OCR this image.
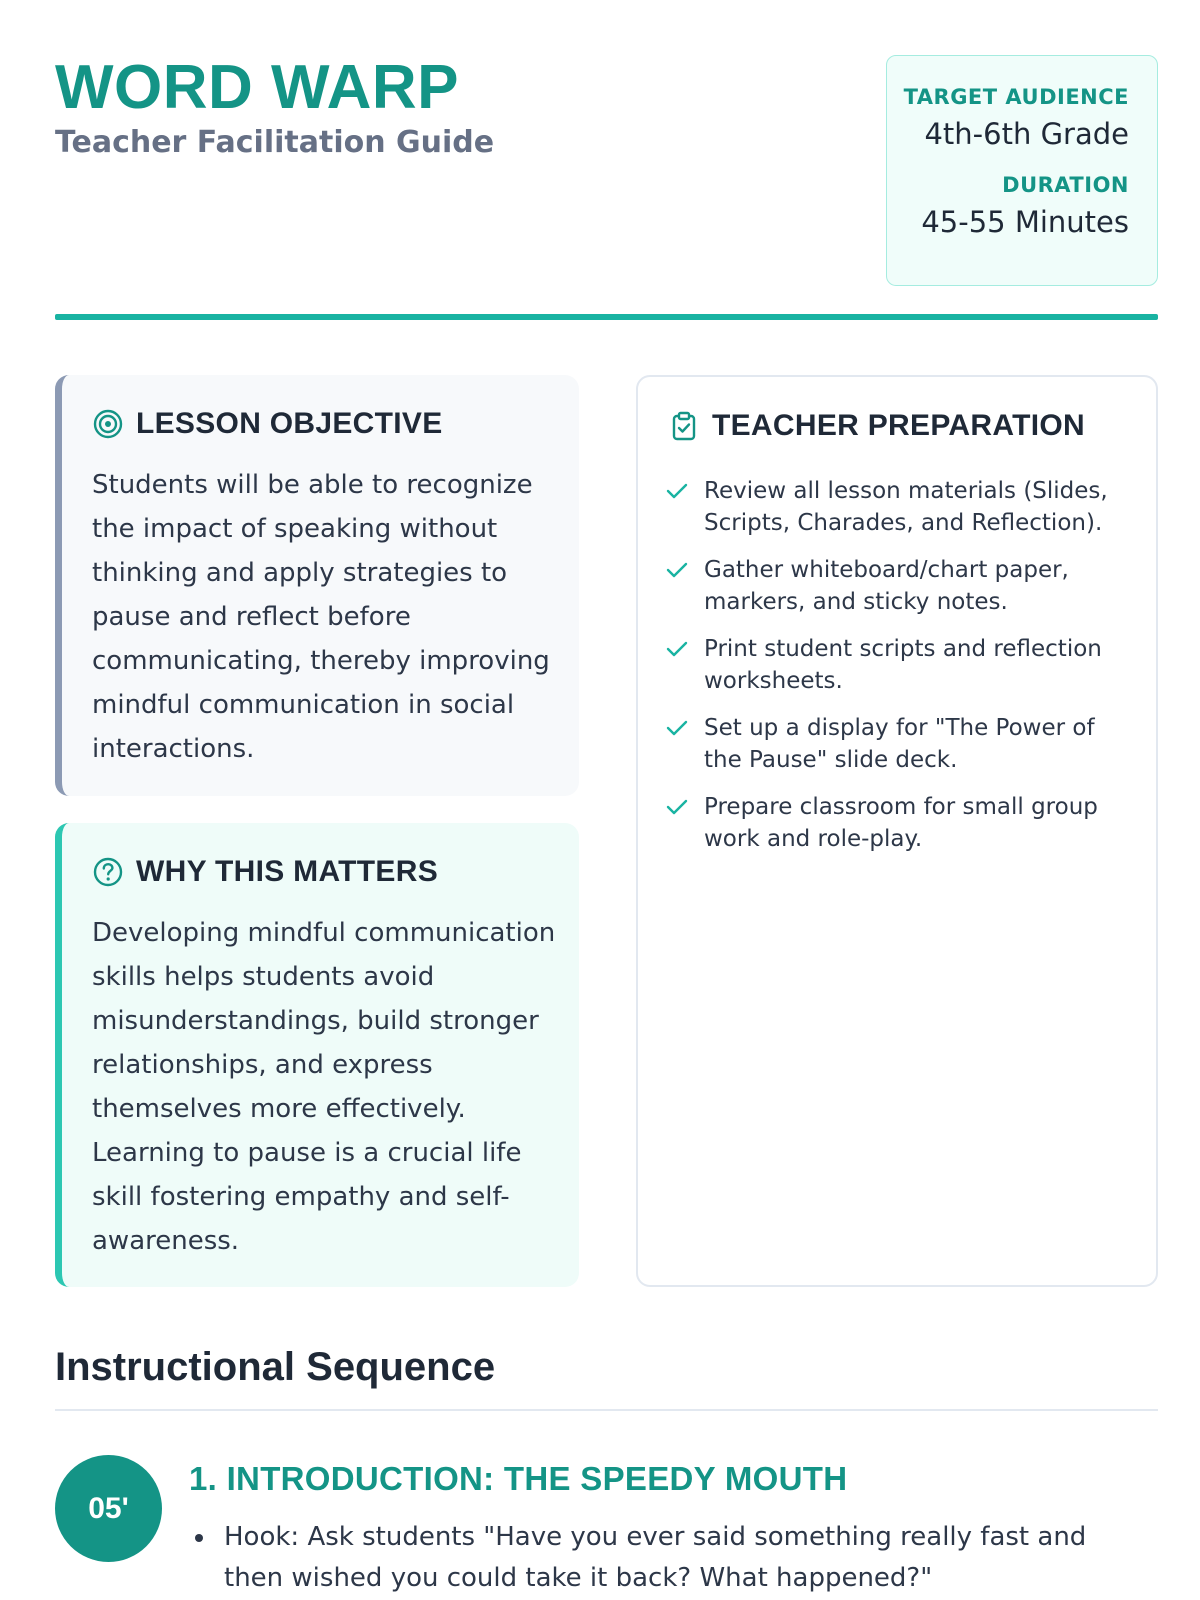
WORD WARP
Teacher Facilitation Guide
TARGET AUDIENCE
4th-6th Grade
DURATION
45-55 Minutes
LESSON OBJECTIVE
Students will be able to recognize the impact of speaking without thinking and apply strategies to pause and reflect before communicating, thereby improving mindful communication in social interactions.
WHY THIS MATTERS
Developing mindful communication skills helps students avoid misunderstandings, build stronger relationships, and express themselves more effectively. Learning to pause is a crucial life skill fostering empathy and self-awareness.
TEACHER PREPARATION
Review all lesson materials (Slides, Scripts, Charades, and Reflection).
Gather whiteboard/chart paper, markers, and sticky notes.
Print student scripts and reflection worksheets.
Set up a display for "The Power of the Pause" slide deck.
Prepare classroom for small group work and role-play.
Instructional Sequence
05'
1. INTRODUCTION: THE SPEEDY MOUTH
Hook: Ask students "Have you ever said something really fast and then wished you could take it back? What happened?"
